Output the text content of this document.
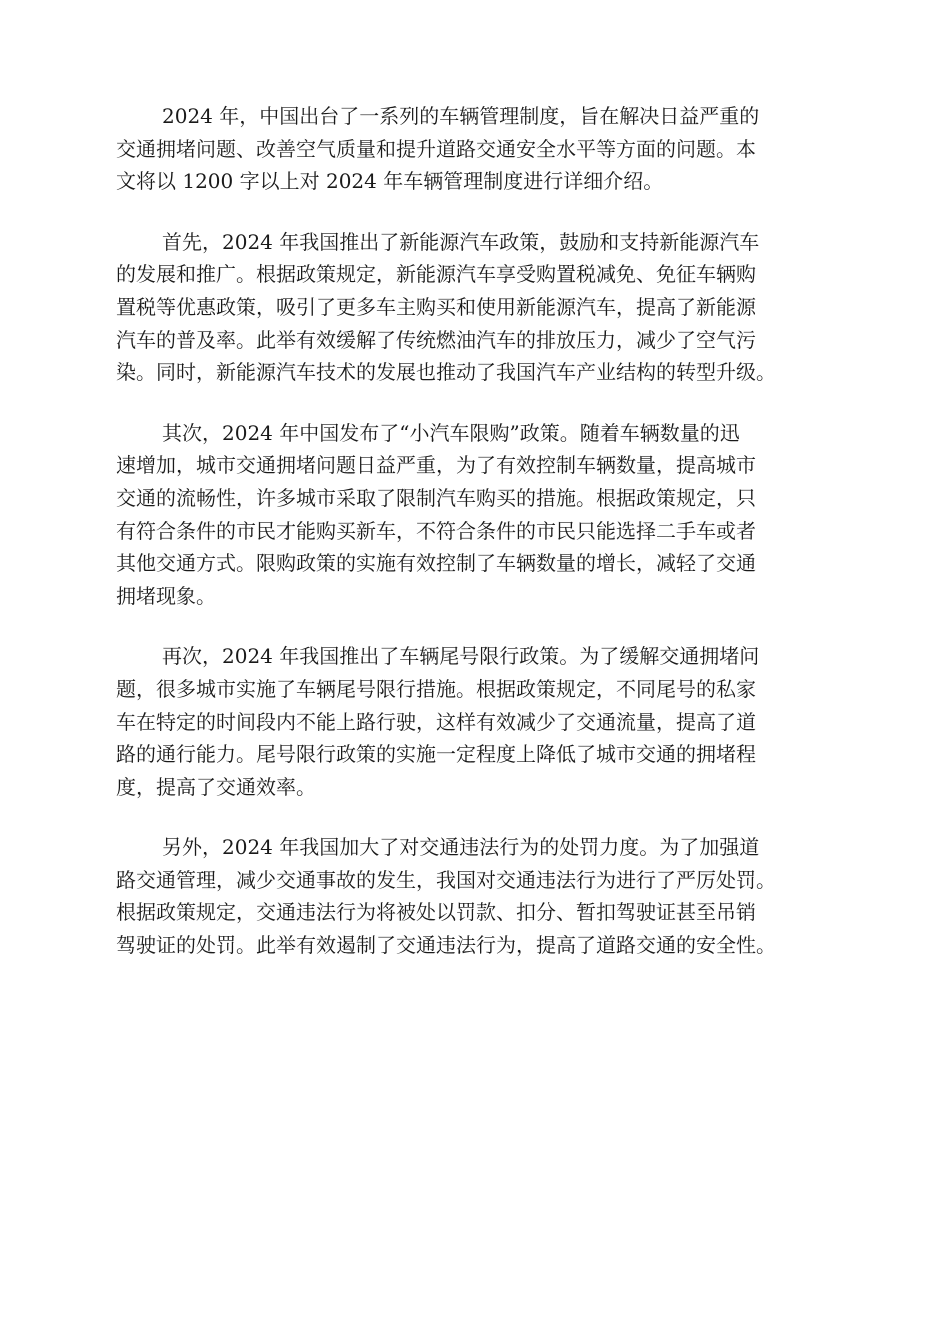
2024 年，中国出台了一系列的车辆管理制度，旨在解决日益严重的
交通拥堵问题、改善空气质量和提升道路交通安全水平等方面的问题。本
文将以 1200 字以上对 2024 年车辆管理制度进行详细介绍。

首先，2024 年我国推出了新能源汽车政策，鼓励和支持新能源汽车
的发展和推广。根据政策规定，新能源汽车享受购置税减免、免征车辆购
置税等优惠政策，吸引了更多车主购买和使用新能源汽车，提高了新能源
汽车的普及率。此举有效缓解了传统燃油汽车的排放压力，减少了空气污
染。同时，新能源汽车技术的发展也推动了我国汽车产业结构的转型升级。

其次，2024 年中国发布了“小汽车限购”政策。随着车辆数量的迅
速增加，城市交通拥堵问题日益严重，为了有效控制车辆数量，提高城市
交通的流畅性，许多城市采取了限制汽车购买的措施。根据政策规定，只
有符合条件的市民才能购买新车，不符合条件的市民只能选择二手车或者
其他交通方式。限购政策的实施有效控制了车辆数量的增长，减轻了交通
拥堵现象。

再次，2024 年我国推出了车辆尾号限行政策。为了缓解交通拥堵问
题，很多城市实施了车辆尾号限行措施。根据政策规定，不同尾号的私家
车在特定的时间段内不能上路行驶，这样有效减少了交通流量，提高了道
路的通行能力。尾号限行政策的实施一定程度上降低了城市交通的拥堵程
度，提高了交通效率。

另外，2024 年我国加大了对交通违法行为的处罚力度。为了加强道
路交通管理，减少交通事故的发生，我国对交通违法行为进行了严厉处罚。
根据政策规定，交通违法行为将被处以罚款、扣分、暂扣驾驶证甚至吊销
驾驶证的处罚。此举有效遏制了交通违法行为，提高了道路交通的安全性。
